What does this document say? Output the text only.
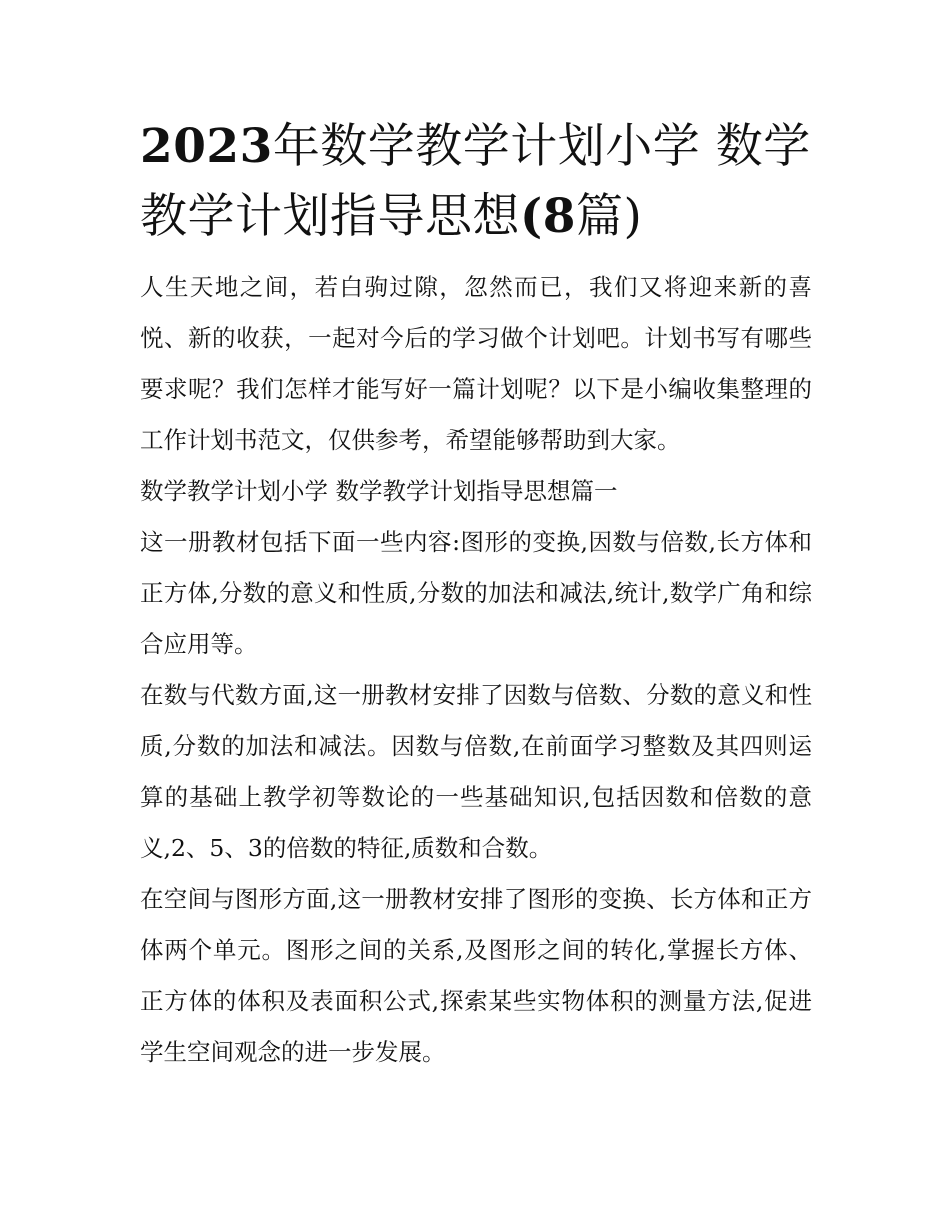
2023年数学教学计划小学 数学教学计划指导思想(8篇)

人生天地之间，若白驹过隙，忽然而已，我们又将迎来新的喜悦、新的收获，一起对今后的学习做个计划吧。计划书写有哪些要求呢？我们怎样才能写好一篇计划呢？以下是小编收集整理的工作计划书范文，仅供参考，希望能够帮助到大家。

数学教学计划小学 数学教学计划指导思想篇一

这一册教材包括下面一些内容:图形的变换,因数与倍数,长方体和正方体,分数的意义和性质,分数的加法和减法,统计,数学广角和综合应用等。

在数与代数方面,这一册教材安排了因数与倍数、分数的意义和性质,分数的加法和减法。因数与倍数,在前面学习整数及其四则运算的基础上教学初等数论的一些基础知识,包括因数和倍数的意义,2、5、3的倍数的特征,质数和合数。

在空间与图形方面,这一册教材安排了图形的变换、长方体和正方体两个单元。图形之间的关系,及图形之间的转化,掌握长方体、正方体的体积及表面积公式,探索某些实物体积的测量方法,促进学生空间观念的进一步发展。
